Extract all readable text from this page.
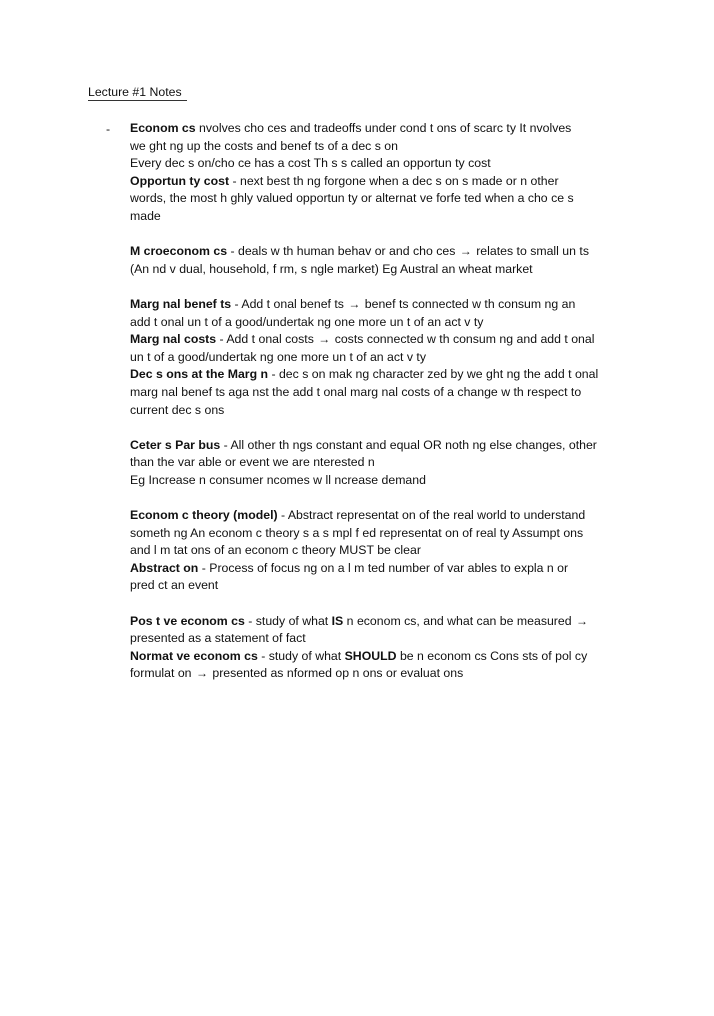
Lecture #1 Notes
- Econom cs nvolves cho ces and tradeoffs under cond t ons of scarc ty It nvolves
we ght ng up the costs and benef ts of a dec s on
Every dec s on/cho ce has a cost Th s s called an opportun ty cost
Opportun ty cost - next best th ng forgone when a dec s on s made or n other
words, the most h ghly valued opportun ty or alternat ve forfe ted when a cho ce s
made
M croeconom cs - deals w th human behav or and cho ces → relates to small un ts
(An nd v dual, household, f rm, s ngle market) Eg Austral an wheat market
Marg nal benef ts - Add t onal benef ts → benef ts connected w th consum ng an
add t onal un t of a good/undertak ng one more un t of an act v ty
Marg nal costs - Add t onal costs → costs connected w th consum ng and add t onal
un t of a good/undertak ng one more un t of an act v ty
Dec s ons at the Marg n - dec s on mak ng character zed by we ght ng the add t onal
marg nal benef ts aga nst the add t onal marg nal costs of a change w th respect to
current dec s ons
Ceter s Par bus - All other th ngs constant and equal OR noth ng else changes, other
than the var able or event we are nterested n
Eg Increase n consumer ncomes w ll ncrease demand
Econom c theory (model) - Abstract representat on of the real world to understand
someth ng An econom c theory s a s mpl f ed representat on of real ty Assumpt ons
and l m tat ons of an econom c theory MUST be clear
Abstract on - Process of focus ng on a l m ted number of var ables to expla n or
pred ct an event
Pos t ve econom cs - study of what IS n econom cs, and what can be measured →
presented as a statement of fact
Normat ve econom cs - study of what SHOULD be n econom cs Cons sts of pol cy
formulat on → presented as nformed op n ons or evaluat ons
